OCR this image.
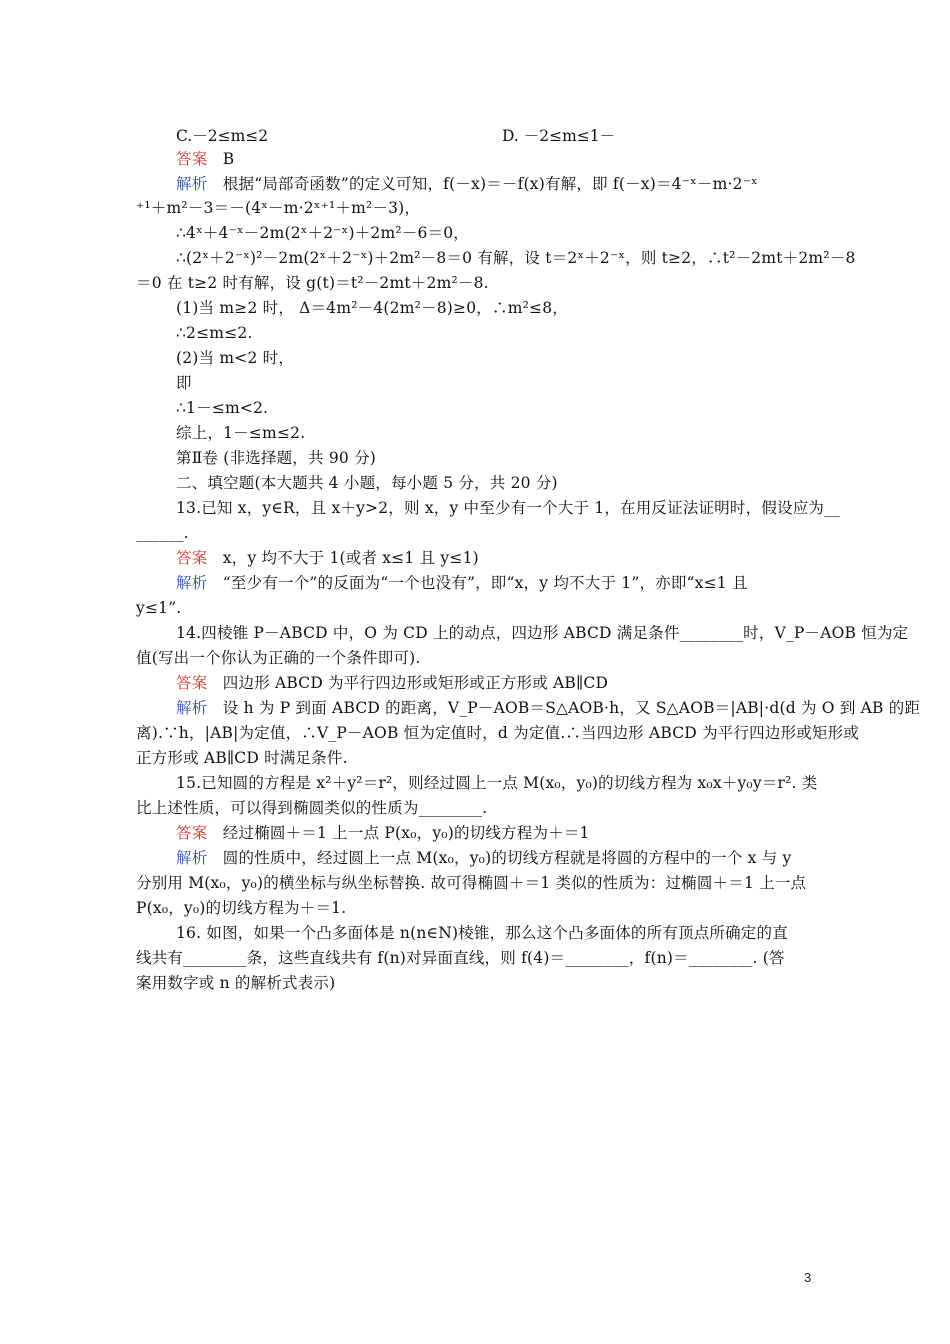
C.－2≤m≤2	D. －2≤m≤1－
答案 B
解析 根据“局部奇函数”的定义可知，f(－x)＝－f(x)有解，即 f(－x)＝4⁻ˣ－m·2⁻ˣ
⁺¹＋m²－3＝－(4ˣ－m·2ˣ⁺¹＋m²－3)，
∴4ˣ＋4⁻ˣ－2m(2ˣ＋2⁻ˣ)＋2m²－6＝0，
∴(2ˣ＋2⁻ˣ)²－2m(2ˣ＋2⁻ˣ)＋2m²－8＝0 有解，设 t＝2ˣ＋2⁻ˣ，则 t≥2，∴t²－2mt＋2m²－8
＝0 在 t≥2 时有解，设 g(t)＝t²－2mt＋2m²－8.
(1)当 m≥2 时， Δ＝4m²－4(2m²－8)≥0，∴m²≤8，
∴2≤m≤2.
(2)当 m<2 时，
即
∴1－≤m<2.
综上，1－≤m≤2.
第Ⅱ卷 (非选择题，共 90 分)
二、填空题(本大题共 4 小题，每小题 5 分，共 20 分)
13.已知 x，y∈R，且 x＋y>2，则 x，y 中至少有一个大于 1，在用反证法证明时，假设应为__
______.
答案 x，y 均不大于 1(或者 x≤1 且 y≤1)
解析 “至少有一个”的反面为“一个也没有”，即“x，y 均不大于 1”，亦即“x≤1 且
y≤1”.
14.四棱锥 P－ABCD 中，O 为 CD 上的动点，四边形 ABCD 满足条件________时，V_P－AOB 恒为定
值(写出一个你认为正确的一个条件即可).
答案 四边形 ABCD 为平行四边形或矩形或正方形或 AB∥CD
解析 设 h 为 P 到面 ABCD 的距离，V_P－AOB＝S△AOB·h，又 S△AOB＝|AB|·d(d 为 O 到 AB 的距
离).∵h，|AB|为定值，∴V_P－AOB 恒为定值时，d 为定值.∴当四边形 ABCD 为平行四边形或矩形或
正方形或 AB∥CD 时满足条件.
15.已知圆的方程是 x²＋y²＝r²，则经过圆上一点 M(x₀，y₀)的切线方程为 x₀x＋y₀y＝r². 类
比上述性质，可以得到椭圆类似的性质为________.
答案 经过椭圆＋＝1 上一点 P(x₀，y₀)的切线方程为＋＝1
解析 圆的性质中，经过圆上一点 M(x₀，y₀)的切线方程就是将圆的方程中的一个 x 与 y
分别用 M(x₀，y₀)的横坐标与纵坐标替换. 故可得椭圆＋＝1 类似的性质为：过椭圆＋＝1 上一点
P(x₀，y₀)的切线方程为＋＝1.
16. 如图，如果一个凸多面体是 n(n∈N)棱锥，那么这个凸多面体的所有顶点所确定的直
线共有________条，这些直线共有 f(n)对异面直线，则 f(4)＝________，f(n)＝________. (答
案用数字或 n 的解析式表示)
3
